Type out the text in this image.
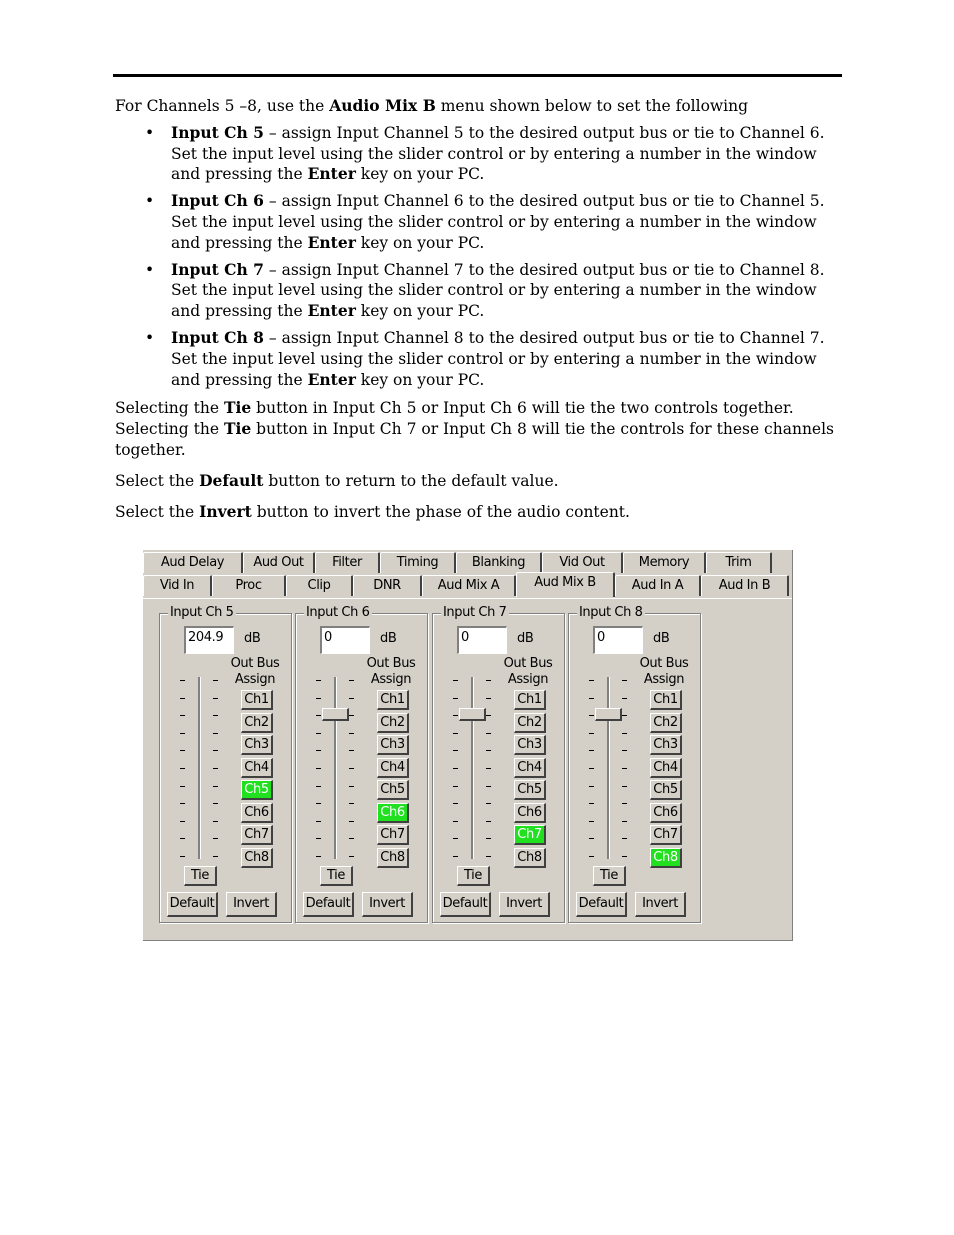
For Channels 5 –8, use the Audio Mix B menu shown below to set the following

• Input Ch 5 – assign Input Channel 5 to the desired output bus or tie to Channel 6. Set the input level using the slider control or by entering a number in the window and pressing the Enter key on your PC.
• Input Ch 6 – assign Input Channel 6 to the desired output bus or tie to Channel 5. Set the input level using the slider control or by entering a number in the window and pressing the Enter key on your PC.
• Input Ch 7 – assign Input Channel 7 to the desired output bus or tie to Channel 8. Set the input level using the slider control or by entering a number in the window and pressing the Enter key on your PC.
• Input Ch 8 – assign Input Channel 8 to the desired output bus or tie to Channel 7. Set the input level using the slider control or by entering a number in the window and pressing the Enter key on your PC.

Selecting the Tie button in Input Ch 5 or Input Ch 6 will tie the two controls together. Selecting the Tie button in Input Ch 7 or Input Ch 8 will tie the controls for these channels together.

Select the Default button to return to the default value.

Select the Invert button to invert the phase of the audio content.

Aud Delay	Aud Out	Filter	Timing	Blanking	Vid Out	Memory	Trim
Vid In	Proc	Clip	DNR	Aud Mix A	Aud Mix B	Aud In A	Aud In B
Input Ch 5
204.9	dB
Out Bus
Assign
Ch1
Ch2
Ch3
Ch4
Ch5
Ch6
Ch7
Ch8
Tie
Default	Invert
Input Ch 6
0	dB
Out Bus
Assign
Ch1
Ch2
Ch3
Ch4
Ch5
Ch6
Ch7
Ch8
Tie
Default	Invert
Input Ch 7
0	dB
Out Bus
Assign
Ch1
Ch2
Ch3
Ch4
Ch5
Ch6
Ch7
Ch8
Tie
Default	Invert
Input Ch 8
0	dB
Out Bus
Assign
Ch1
Ch2
Ch3
Ch4
Ch5
Ch6
Ch7
Ch8
Tie
Default	Invert
